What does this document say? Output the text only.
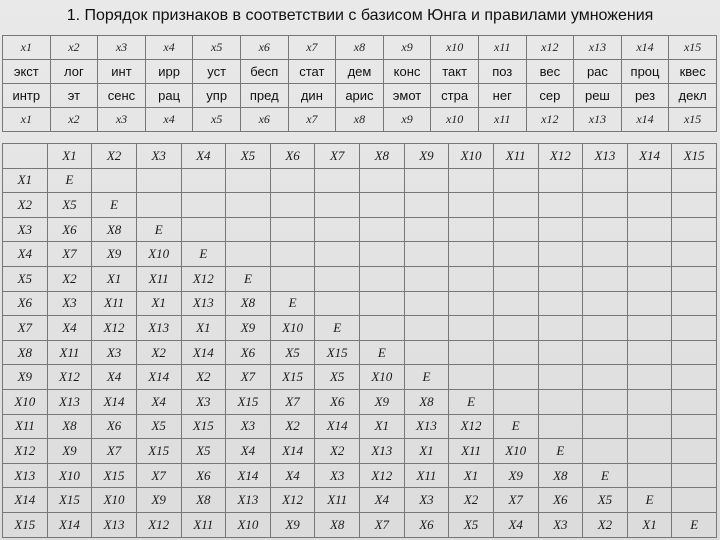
1. Порядок признаков в соответствии с базисом Юнга и правилами умножения
x1	x2	x3	x4	x5	x6	x7	x8	x9	x10	x11	x12	x13	x14	x15
экст	лог	инт	ирр	уст	бесп	стат	дем	конс	такт	поз	вес	рас	проц	квес
интр	эт	сенс	рац	упр	пред	дин	арис	эмот	стра	нег	сер	реш	рез	декл
x1	x2	x3	x4	x5	x6	x7	x8	x9	x10	x11	x12	x13	x14	x15
	X1	X2	X3	X4	X5	X6	X7	X8	X9	X10	X11	X12	X13	X14	X15
X1	E														
X2	X5	E													
X3	X6	X8	E												
X4	X7	X9	X10	E											
X5	X2	X1	X11	X12	E										
X6	X3	X11	X1	X13	X8	E									
X7	X4	X12	X13	X1	X9	X10	E								
X8	X11	X3	X2	X14	X6	X5	X15	E							
X9	X12	X4	X14	X2	X7	X15	X5	X10	E						
X10	X13	X14	X4	X3	X15	X7	X6	X9	X8	E					
X11	X8	X6	X5	X15	X3	X2	X14	X1	X13	X12	E				
X12	X9	X7	X15	X5	X4	X14	X2	X13	X1	X11	X10	E			
X13	X10	X15	X7	X6	X14	X4	X3	X12	X11	X1	X9	X8	E		
X14	X15	X10	X9	X8	X13	X12	X11	X4	X3	X2	X7	X6	X5	E	
X15	X14	X13	X12	X11	X10	X9	X8	X7	X6	X5	X4	X3	X2	X1	E
